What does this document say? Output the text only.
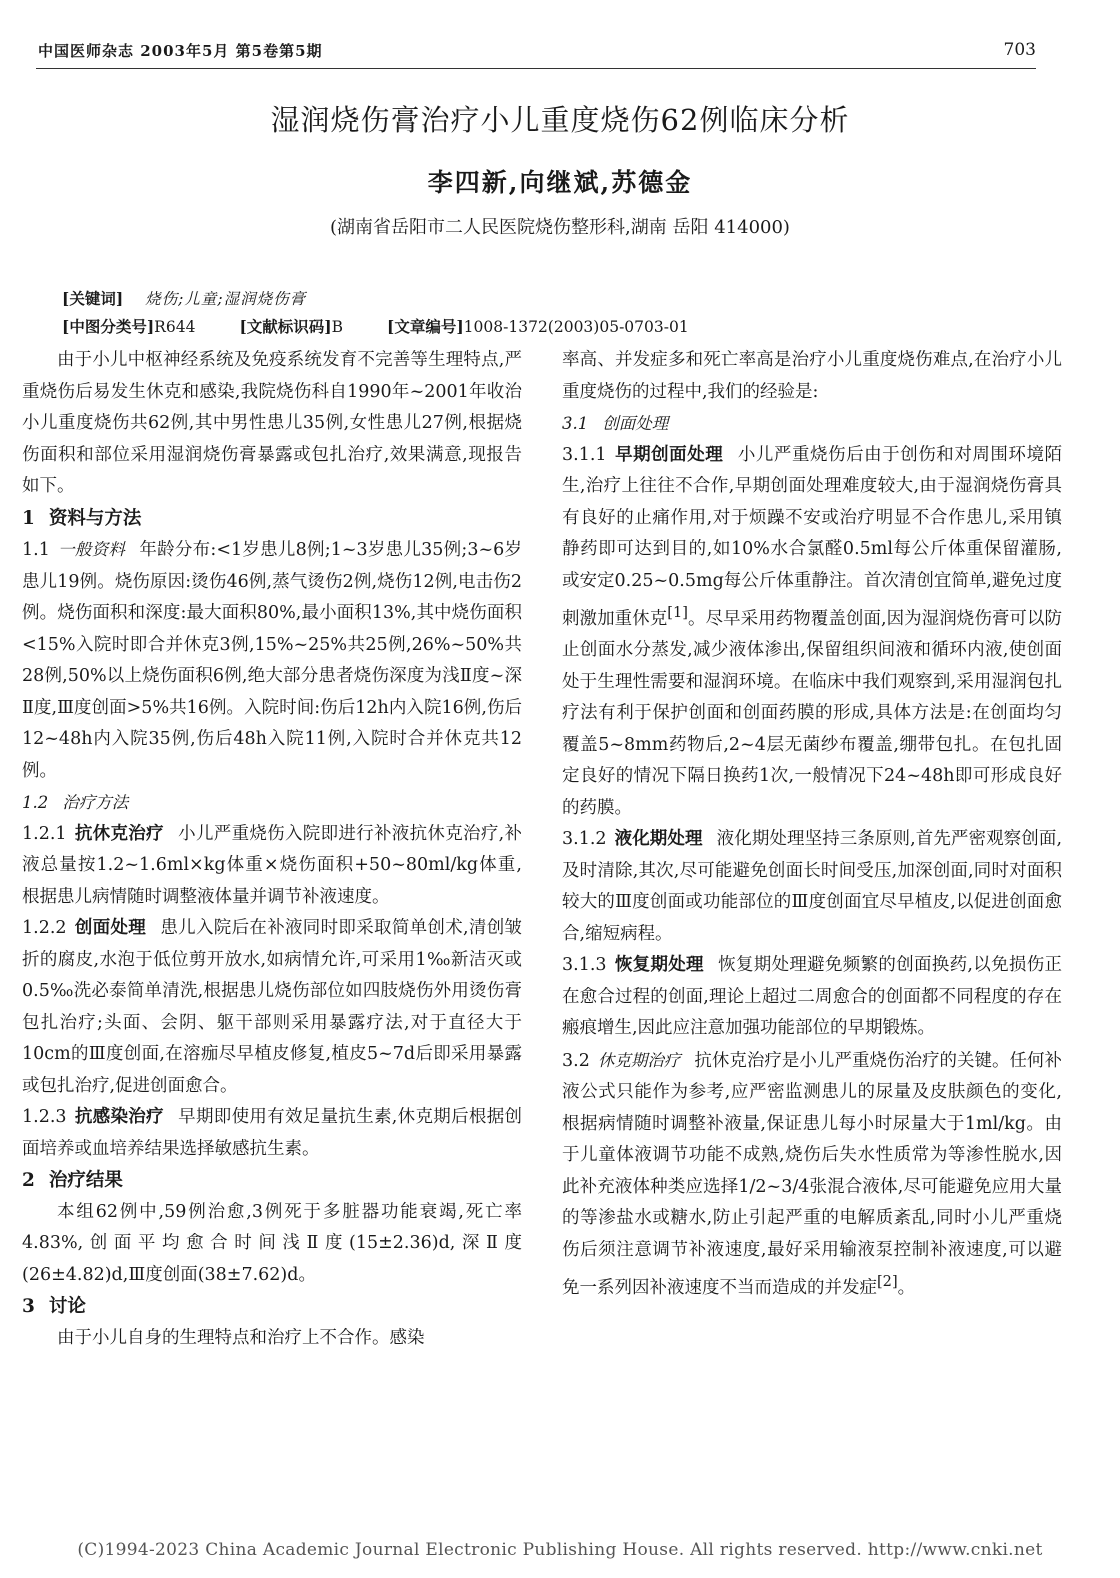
中国医师杂志 2003年5月 第5卷第5期	703
湿润烧伤膏治疗小儿重度烧伤62例临床分析
李四新,向继斌,苏德金
(湖南省岳阳市二人民医院烧伤整形科,湖南 岳阳 414000)
[关键词] 烧伤;儿童;湿润烧伤膏
[中图分类号]R644	[文献标识码]B	[文章编号]1008-1372(2003)05-0703-01

由于小儿中枢神经系统及免疫系统发育不完善等生理特点,严重烧伤后易发生休克和感染,我院烧伤科自1990年~2001年收治小儿重度烧伤共62例,其中男性患儿35例,女性患儿27例,根据烧伤面积和部位采用湿润烧伤膏暴露或包扎治疗,效果满意,现报告如下。

1 资料与方法

1.1 一般资料 年龄分布:<1岁患儿8例;1~3岁患儿35例;3~6岁患儿19例。烧伤原因:烫伤46例,蒸气烫伤2例,烧伤12例,电击伤2例。烧伤面积和深度:最大面积80%,最小面积13%,其中烧伤面积<15%入院时即合并休克3例,15%~25%共25例,26%~50%共28例,50%以上烧伤面积6例,绝大部分患者烧伤深度为浅Ⅱ度~深Ⅱ度,Ⅲ度创面>5%共16例。入院时间:伤后12h内入院16例,伤后12~48h内入院35例,伤后48h入院11例,入院时合并休克共12例。

1.2 治疗方法

1.2.1 抗休克治疗 小儿严重烧伤入院即进行补液抗休克治疗,补液总量按1.2~1.6ml×kg体重×烧伤面积+50~80ml/kg体重,根据患儿病情随时调整液体量并调节补液速度。

1.2.2 创面处理 患儿入院后在补液同时即采取简单创术,清创皱折的腐皮,水泡于低位剪开放水,如病情允许,可采用1‰新洁灭或0.5‰洗必泰简单清洗,根据患儿烧伤部位如四肢烧伤外用烫伤膏包扎治疗;头面、会阴、躯干部则采用暴露疗法,对于直径大于10cm的Ⅲ度创面,在溶痂尽早植皮修复,植皮5~7d后即采用暴露或包扎治疗,促进创面愈合。

1.2.3 抗感染治疗 早期即使用有效足量抗生素,休克期后根据创面培养或血培养结果选择敏感抗生素。

2 治疗结果

本组62例中,59例治愈,3例死于多脏器功能衰竭,死亡率4.83%,创面平均愈合时间浅Ⅱ度(15±2.36)d,深Ⅱ度(26±4.82)d,Ⅲ度创面(38±7.62)d。

3 讨论

由于小儿自身的生理特点和治疗上不合作。感染

率高、并发症多和死亡率高是治疗小儿重度烧伤难点,在治疗小儿重度烧伤的过程中,我们的经验是:

3.1 创面处理

3.1.1 早期创面处理 小儿严重烧伤后由于创伤和对周围环境陌生,治疗上往往不合作,早期创面处理难度较大,由于湿润烧伤膏具有良好的止痛作用,对于烦躁不安或治疗明显不合作患儿,采用镇静药即可达到目的,如10%水合氯醛0.5ml每公斤体重保留灌肠,或安定0.25~0.5mg每公斤体重静注。首次清创宜简单,避免过度刺激加重休克[1]。尽早采用药物覆盖创面,因为湿润烧伤膏可以防止创面水分蒸发,减少液体渗出,保留组织间液和循环内液,使创面处于生理性需要和湿润环境。在临床中我们观察到,采用湿润包扎疗法有利于保护创面和创面药膜的形成,具体方法是:在创面均匀覆盖5~8mm药物后,2~4层无菌纱布覆盖,绷带包扎。在包扎固定良好的情况下隔日换药1次,一般情况下24~48h即可形成良好的药膜。

3.1.2 液化期处理 液化期处理坚持三条原则,首先严密观察创面,及时清除,其次,尽可能避免创面长时间受压,加深创面,同时对面积较大的Ⅲ度创面或功能部位的Ⅲ度创面宜尽早植皮,以促进创面愈合,缩短病程。

3.1.3 恢复期处理 恢复期处理避免频繁的创面换药,以免损伤正在愈合过程的创面,理论上超过二周愈合的创面都不同程度的存在瘢痕增生,因此应注意加强功能部位的早期锻炼。

3.2 休克期治疗 抗休克治疗是小儿严重烧伤治疗的关键。任何补液公式只能作为参考,应严密监测患儿的尿量及皮肤颜色的变化,根据病情随时调整补液量,保证患儿每小时尿量大于1ml/kg。由于儿童体液调节功能不成熟,烧伤后失水性质常为等渗性脱水,因此补充液体种类应选择1/2~3/4张混合液体,尽可能避免应用大量的等渗盐水或糖水,防止引起严重的电解质紊乱,同时小儿严重烧伤后须注意调节补液速度,最好采用输液泵控制补液速度,可以避免一系列因补液速度不当而造成的并发症[2]。

(C)1994-2023 China Academic Journal Electronic Publishing House. All rights reserved. http://www.cnki.net
